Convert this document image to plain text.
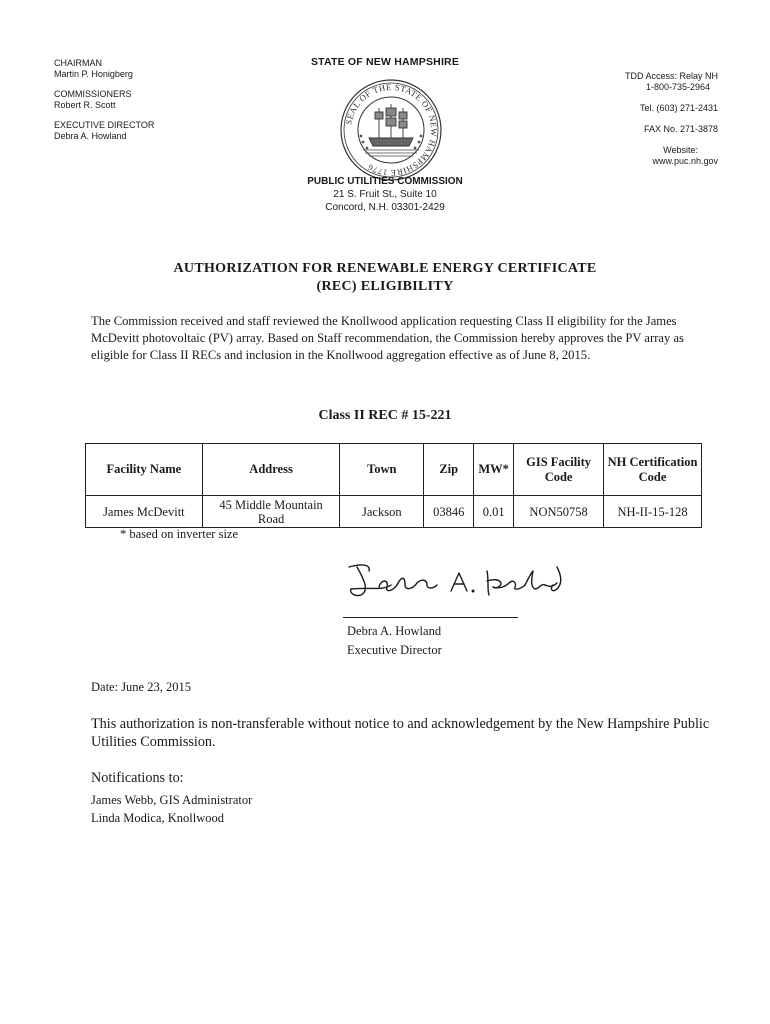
CHAIRMAN
Martin P. Honigberg
COMMISSIONERS
Robert R. Scott
EXECUTIVE DIRECTOR
Debra A. Howland
STATE OF NEW HAMPSHIRE
TDD Access: Relay NH
1-800-735-2964
Tel. (603) 271-2431
FAX No. 271-3878
Website:
www.puc.nh.gov
SEAL OF THE STATE OF NEW HAMPSHIRE 1776
PUBLIC UTILITIES COMMISSION
21 S. Fruit St., Suite 10
Concord, N.H. 03301-2429
AUTHORIZATION FOR RENEWABLE ENERGY CERTIFICATE
(REC) ELIGIBILITY
The Commission received and staff reviewed the Knollwood application requesting Class II eligibility for the James McDevitt photovoltaic (PV) array. Based on Staff recommendation, the Commission hereby approves the PV array as eligible for Class II RECs and inclusion in the Knollwood aggregation effective as of June 8, 2015.
Class II REC # 15-221
Facility Name	Address	Town	Zip	MW*	GIS Facility Code	NH Certification Code
James McDevitt	45 Middle Mountain Road	Jackson	03846	0.01	NON50758	NH-II-15-128
* based on inverter size
Debra A. Howland
Executive Director
Date: June 23, 2015
This authorization is non-transferable without notice to and acknowledgement by the New Hampshire Public Utilities Commission.
Notifications to:
James Webb, GIS Administrator
Linda Modica, Knollwood
